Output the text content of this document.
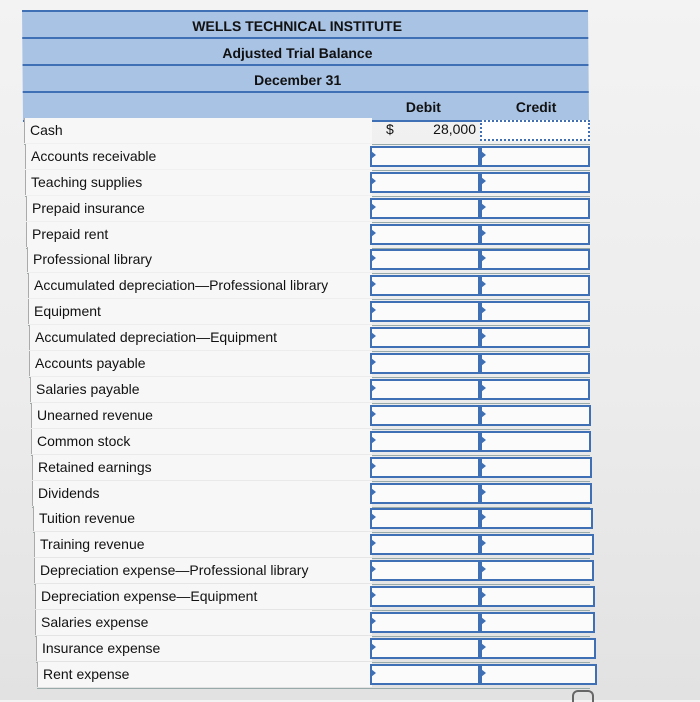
WELLS TECHNICAL INSTITUTE
Adjusted Trial Balance
December 31
Debit	Credit
Cash	$	28,000
Accounts receivable
Teaching supplies
Prepaid insurance
Prepaid rent
Professional library
Accumulated depreciation—Professional library
Equipment
Accumulated depreciation—Equipment
Accounts payable
Salaries payable
Unearned revenue
Common stock
Retained earnings
Dividends
Tuition revenue
Training revenue
Depreciation expense—Professional library
Depreciation expense—Equipment
Salaries expense
Insurance expense
Rent expense
